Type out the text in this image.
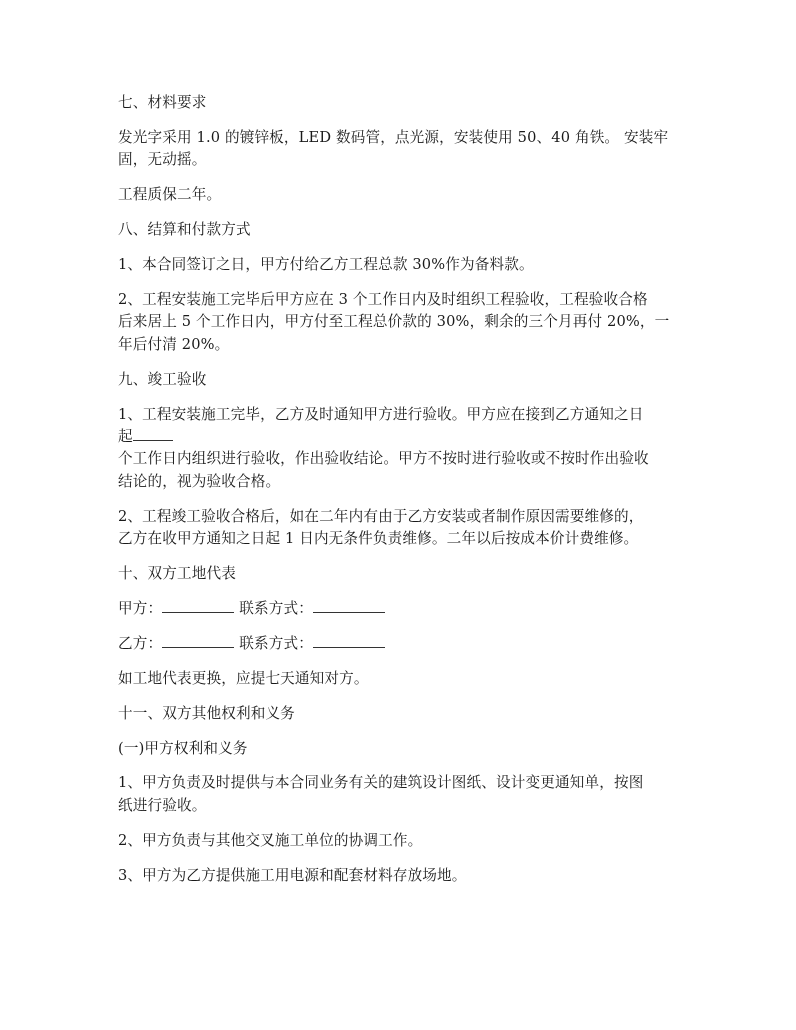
七、材料要求

发光字采用 1.0 的镀锌板，LED 数码管，点光源，安装使用 50、40 角铁。 安装牢
固，无动摇。

工程质保二年。

八、结算和付款方式

1、本合同签订之日，甲方付给乙方工程总款 30%作为备料款。

2、工程安装施工完毕后甲方应在 3 个工作日内及时组织工程验收，工程验收合格
后来居上 5 个工作日内，甲方付至工程总价款的 30%，剩余的三个月再付 20%，一
年后付清 20%。

九、竣工验收

1、工程安装施工完毕，乙方及时通知甲方进行验收。甲方应在接到乙方通知之日
起
个工作日内组织进行验收，作出验收结论。甲方不按时进行验收或不按时作出验收
结论的，视为验收合格。

2、工程竣工验收合格后，如在二年内有由于乙方安装或者制作原因需要维修的，
乙方在收甲方通知之日起 1 日内无条件负责维修。二年以后按成本价计费维修。

十、双方工地代表

甲方：	联系方式：

乙方：	联系方式：

如工地代表更换，应提七天通知对方。

十一、双方其他权利和义务

(一)甲方权利和义务

1、甲方负责及时提供与本合同业务有关的建筑设计图纸、设计变更通知单，按图
纸进行验收。

2、甲方负责与其他交叉施工单位的协调工作。

3、甲方为乙方提供施工用电源和配套材料存放场地。
